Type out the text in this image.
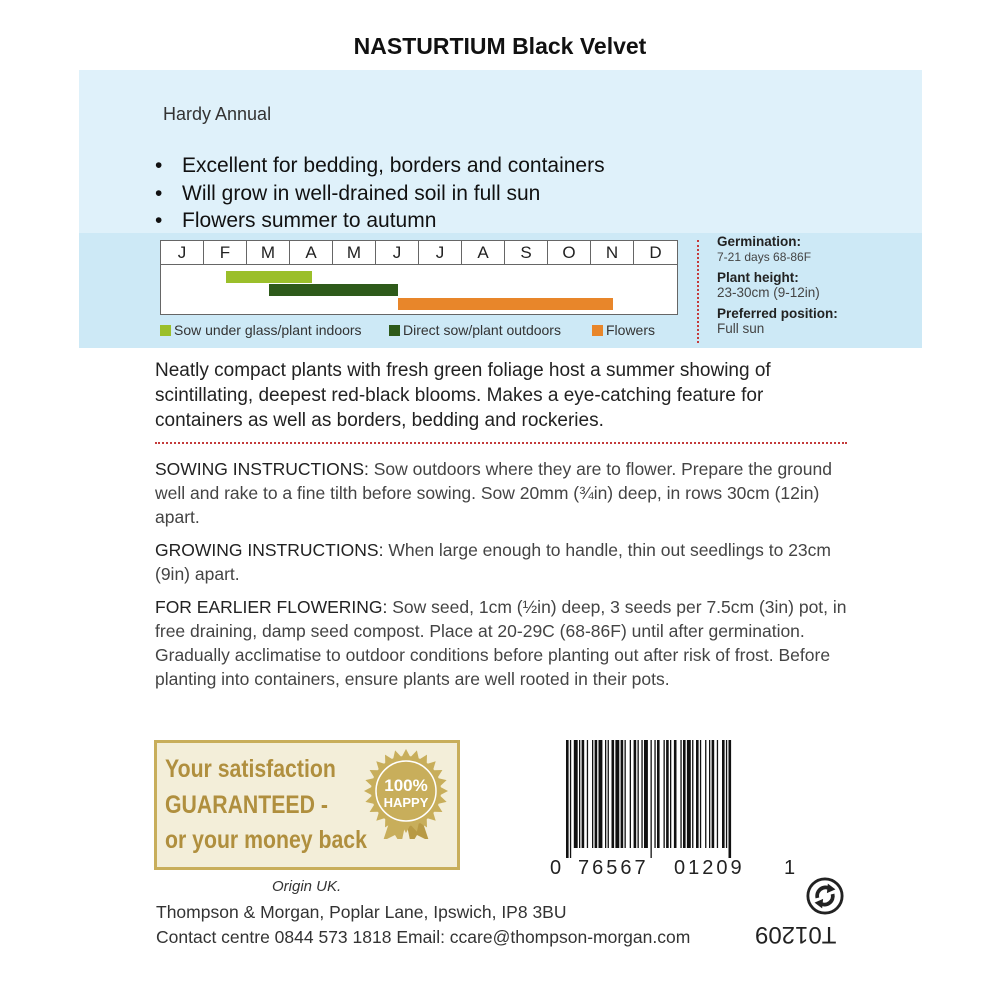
NASTURTIUM Black Velvet
Hardy Annual
• Excellent for bedding, borders and containers
• Will grow in well-drained soil in full sun
• Flowers summer to autumn
J	F	M	A	M	J	J	A	S	O	N	D
Sow under glass/plant indoors	Direct sow/plant outdoors	Flowers
Germination:
7-21 days 68-86F
Plant height:
23-30cm (9-12in)
Preferred position:
Full sun
Neatly compact plants with fresh green foliage host a summer showing of scintillating, deepest red-black blooms. Makes a eye-catching feature for containers as well as borders, bedding and rockeries.
SOWING INSTRUCTIONS: Sow outdoors where they are to flower. Prepare the ground well and rake to a fine tilth before sowing. Sow 20mm (¾in) deep, in rows 30cm (12in) apart.
GROWING INSTRUCTIONS: When large enough to handle, thin out seedlings to 23cm (9in) apart.
FOR EARLIER FLOWERING: Sow seed, 1cm (½in) deep, 3 seeds per 7.5cm (3in) pot, in free draining, damp seed compost. Place at 20-29C (68-86F) until after germination. Gradually acclimatise to outdoor conditions before planting out after risk of frost. Before planting into containers, ensure plants are well rooted in their pots.
Your satisfaction
GUARANTEED -
or your money back
100%
HAPPY
0 76567 01209 1
T01209
Origin UK.
Thompson & Morgan, Poplar Lane, Ipswich, IP8 3BU
Contact centre 0844 573 1818 Email: ccare@thompson-morgan.com
